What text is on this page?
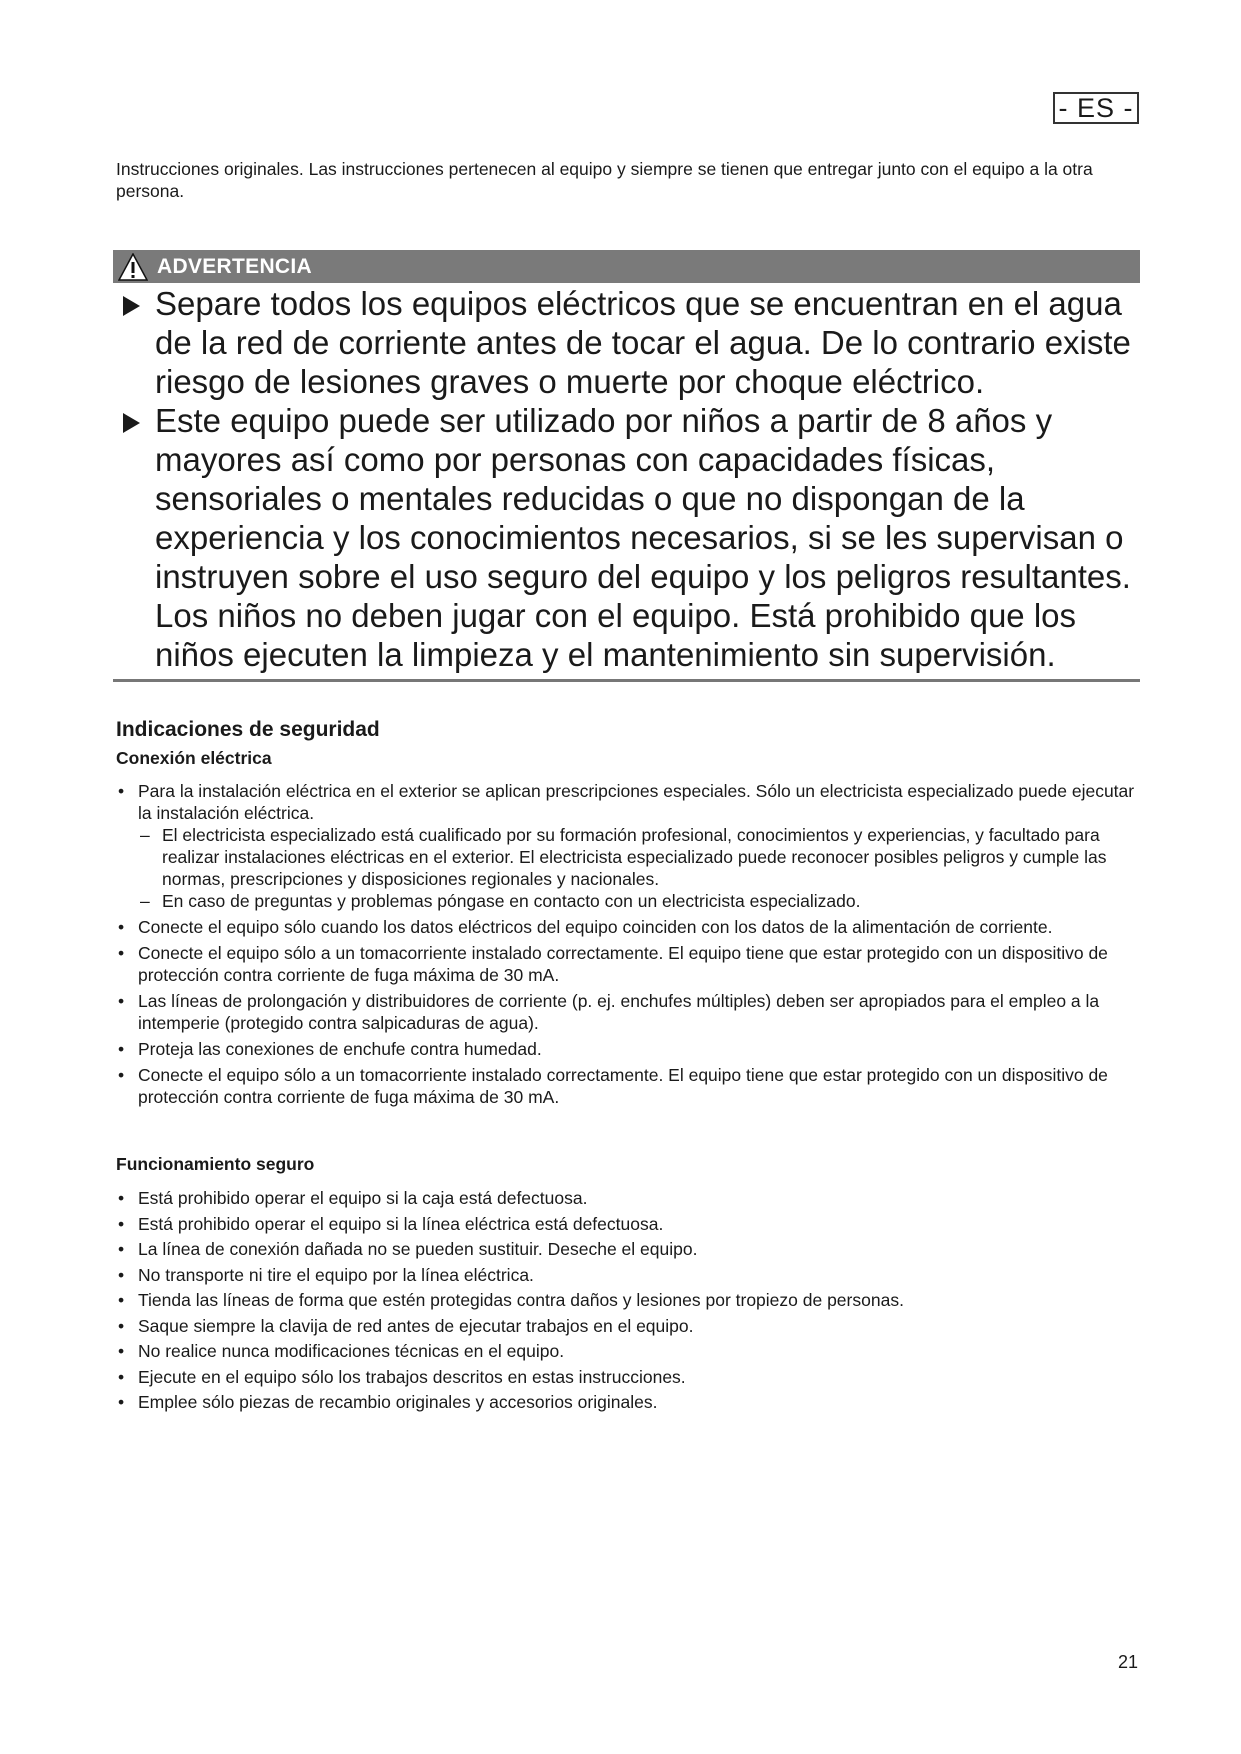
- ES -
Instrucciones originales. Las instrucciones pertenecen al equipo y siempre se tienen que entregar junto con el equipo a la otra persona.
ADVERTENCIA
Separe todos los equipos eléctricos que se encuentran en el agua de la red de corriente antes de tocar el agua. De lo contrario existe riesgo de lesiones graves o muerte por choque eléctrico.
Este equipo puede ser utilizado por niños a partir de 8 años y mayores así como por personas con capacidades físicas, sensoriales o mentales reducidas o que no dispongan de la experiencia y los conocimientos necesarios, si se les supervisan o instruyen sobre el uso seguro del equipo y los peligros resultantes. Los niños no deben jugar con el equipo. Está prohibido que los niños ejecuten la limpieza y el mantenimiento sin supervisión.
Indicaciones de seguridad
Conexión eléctrica
• Para la instalación eléctrica en el exterior se aplican prescripciones especiales. Sólo un electricista especializado puede ejecutar la instalación eléctrica.
– El electricista especializado está cualificado por su formación profesional, conocimientos y experiencias, y facultado para realizar instalaciones eléctricas en el exterior. El electricista especializado puede reconocer posibles peligros y cumple las normas, prescripciones y disposiciones regionales y nacionales.
– En caso de preguntas y problemas póngase en contacto con un electricista especializado.
• Conecte el equipo sólo cuando los datos eléctricos del equipo coinciden con los datos de la alimentación de corriente.
• Conecte el equipo sólo a un tomacorriente instalado correctamente. El equipo tiene que estar protegido con un dispositivo de protección contra corriente de fuga máxima de 30 mA.
• Las líneas de prolongación y distribuidores de corriente (p. ej. enchufes múltiples) deben ser apropiados para el empleo a la intemperie (protegido contra salpicaduras de agua).
• Proteja las conexiones de enchufe contra humedad.
• Conecte el equipo sólo a un tomacorriente instalado correctamente. El equipo tiene que estar protegido con un dispositivo de protección contra corriente de fuga máxima de 30 mA.
Funcionamiento seguro
• Está prohibido operar el equipo si la caja está defectuosa.
• Está prohibido operar el equipo si la línea eléctrica está defectuosa.
• La línea de conexión dañada no se pueden sustituir. Deseche el equipo.
• No transporte ni tire el equipo por la línea eléctrica.
• Tienda las líneas de forma que estén protegidas contra daños y lesiones por tropiezo de personas.
• Saque siempre la clavija de red antes de ejecutar trabajos en el equipo.
• No realice nunca modificaciones técnicas en el equipo.
• Ejecute en el equipo sólo los trabajos descritos en estas instrucciones.
• Emplee sólo piezas de recambio originales y accesorios originales.
21
